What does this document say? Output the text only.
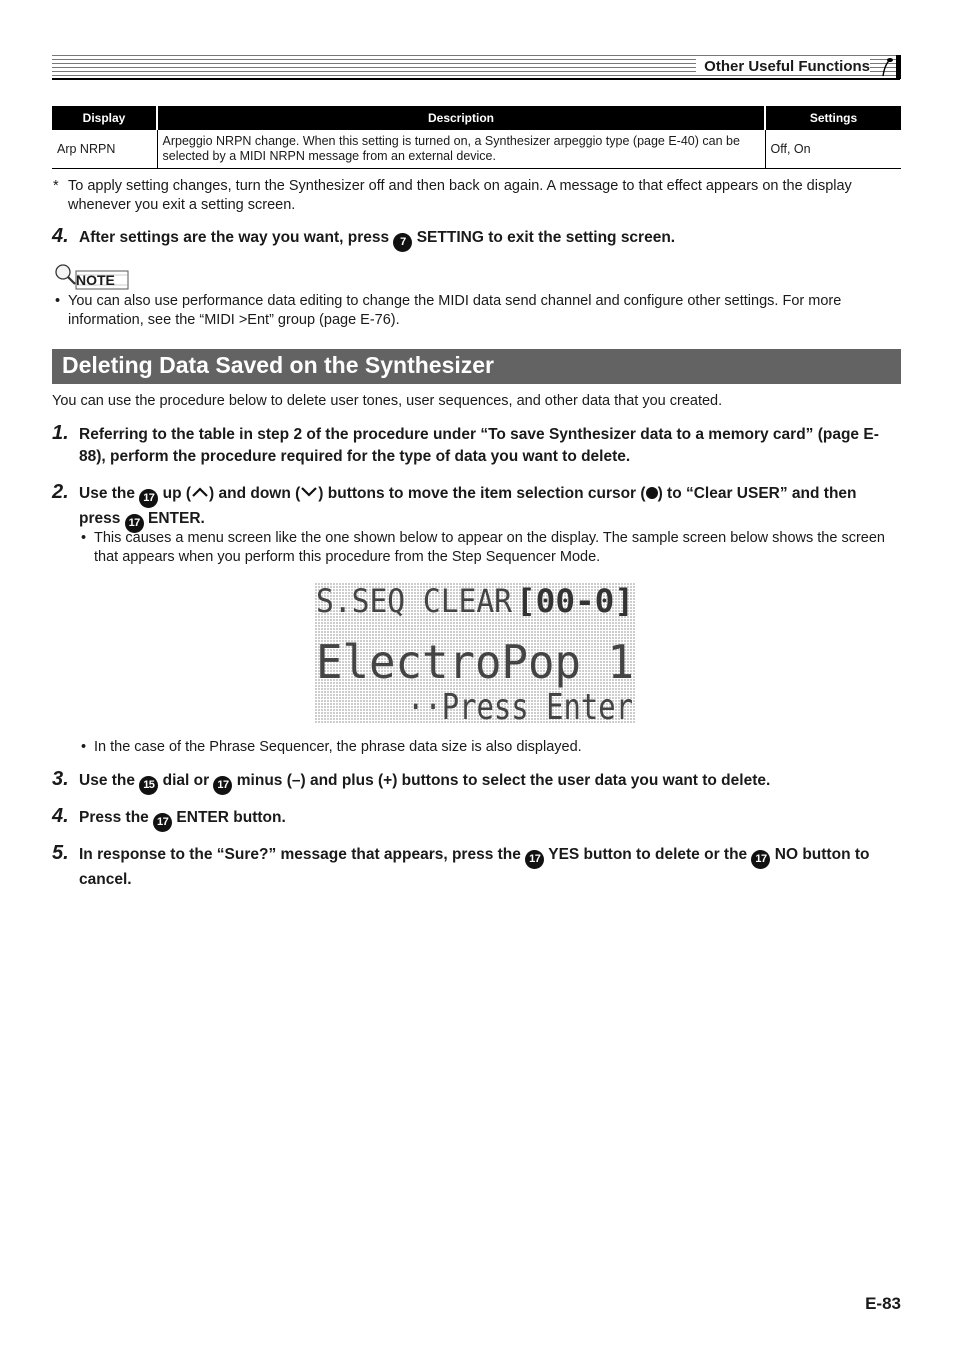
Other Useful Functions
Display	Description	Settings
Arp NRPN	Arpeggio NRPN change. When this setting is turned on, a Synthesizer arpeggio type (page E-40) can be selected by a MIDI NRPN message from an external device.	Off, On
* To apply setting changes, turn the Synthesizer off and then back on again. A message to that effect appears on the display whenever you exit a setting screen.
4. After settings are the way you want, press 7 SETTING to exit the setting screen.
NOTE
• You can also use performance data editing to change the MIDI data send channel and configure other settings. For more information, see the “MIDI >Ent” group (page E-76).
Deleting Data Saved on the Synthesizer
You can use the procedure below to delete user tones, user sequences, and other data that you created.
1. Referring to the table in step 2 of the procedure under “To save Synthesizer data to a memory card” (page E-88), perform the procedure required for the type of data you want to delete.
2. Use the 17 up ( ) and down ( ) buttons to move the item selection cursor ( ) to “Clear USER” and then press 17 ENTER.
• This causes a menu screen like the one shown below to appear on the display. The sample screen below shows the screen that appears when you perform this procedure from the Step Sequencer Mode.
S.SEQ CLEAR [00-0]
ElectroPop 1
··Press Enter
• In the case of the Phrase Sequencer, the phrase data size is also displayed.
3. Use the 15 dial or 17 minus (–) and plus (+) buttons to select the user data you want to delete.
4. Press the 17 ENTER button.
5. In response to the “Sure?” message that appears, press the 17 YES button to delete or the 17 NO button to cancel.
E-83
